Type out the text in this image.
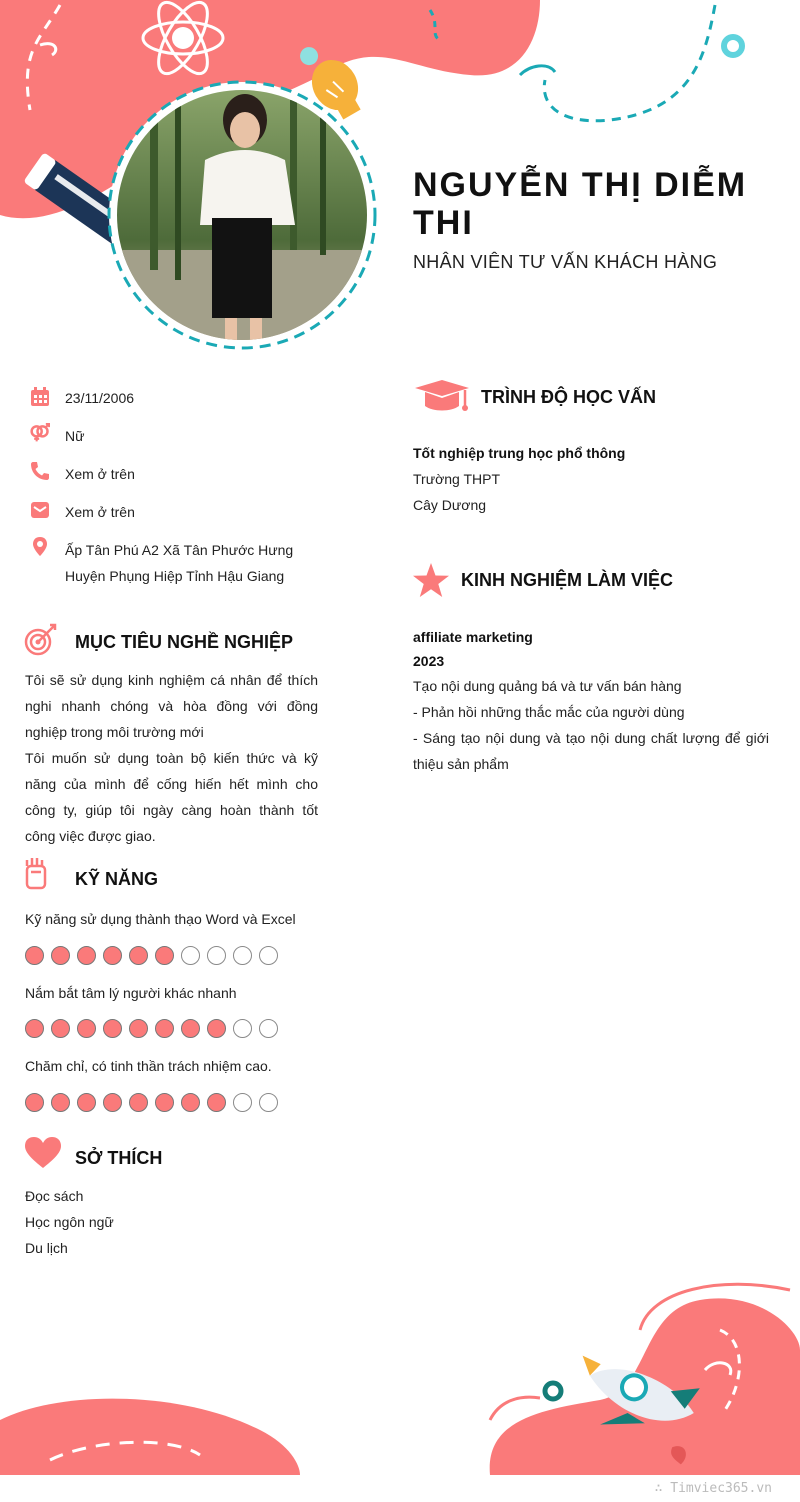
NGUYỄN THỊ DIỄM THI
NHÂN VIÊN TƯ VẤN KHÁCH HÀNG
23/11/2006
Nữ
Xem ở trên
Xem ở trên
Ấp Tân Phú A2 Xã Tân Phước Hưng
Huyện Phụng Hiệp Tỉnh Hậu Giang
MỤC TIÊU NGHỀ NGHIỆP
Tôi sẽ sử dụng kinh nghiệm cá nhân để thích nghi nhanh chóng và hòa đồng với đồng nghiệp trong môi trường mới
Tôi muốn sử dụng toàn bộ kiến thức và kỹ năng của mình để cống hiến hết mình cho công ty, giúp tôi ngày càng hoàn thành tốt công việc được giao.
KỸ NĂNG
Kỹ năng sử dụng thành thạo Word và Excel
Nắm bắt tâm lý người khác nhanh
Chăm chỉ, có tinh thần trách nhiệm cao.
SỞ THÍCH
Đọc sách
Học ngôn ngữ
Du lịch
TRÌNH ĐỘ HỌC VẤN
Tốt nghiệp trung học phổ thông
Trường THPT
Cây Dương
KINH NGHIỆM LÀM VIỆC
affiliate marketing
2023
Tạo nội dung quảng bá và tư vấn bán hàng
- Phản hồi những thắc mắc của người dùng
- Sáng tạo nội dung và tạo nội dung chất lượng để giới thiệu sản phẩm
∴ Timviec365.vn
